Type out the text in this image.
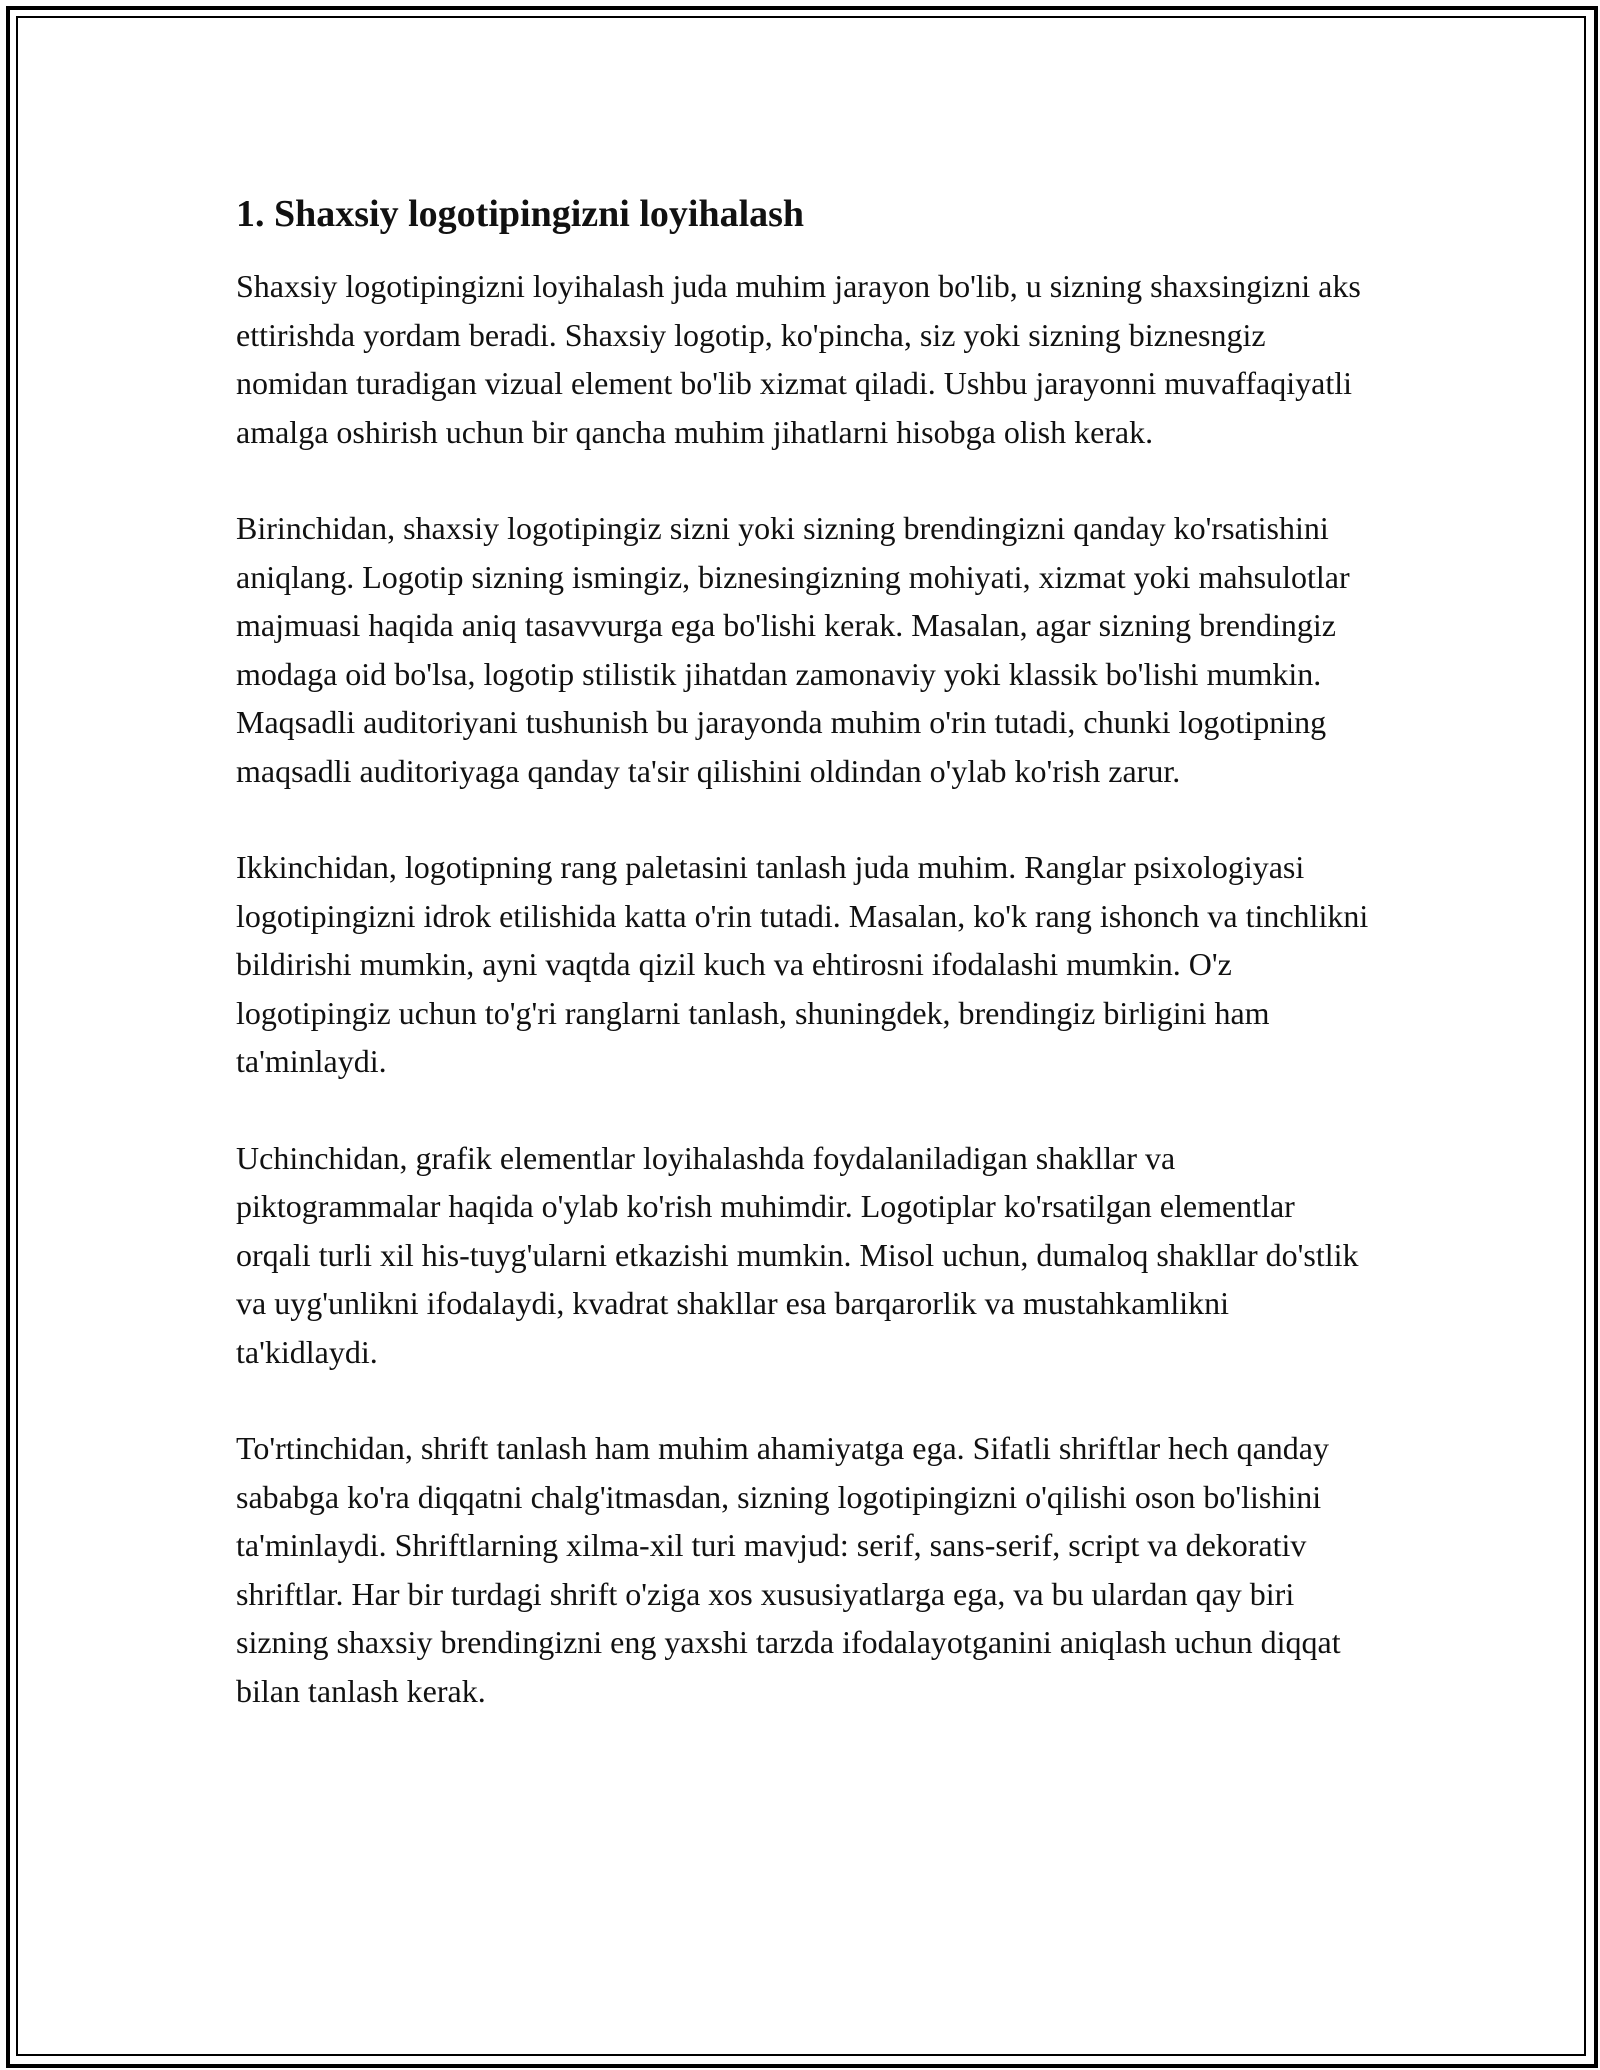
1. Shaxsiy logotipingizni loyihalash

Shaxsiy logotipingizni loyihalash juda muhim jarayon bo'lib, u sizning shaxsingizni aks ettirishda yordam beradi. Shaxsiy logotip, ko'pincha, siz yoki sizning biznesngiz nomidan turadigan vizual element bo'lib xizmat qiladi. Ushbu jarayonni muvaffaqiyatli amalga oshirish uchun bir qancha muhim jihatlarni hisobga olish kerak.

Birinchidan, shaxsiy logotipingiz sizni yoki sizning brendingizni qanday ko'rsatishini aniqlang. Logotip sizning ismingiz, biznesingizning mohiyati, xizmat yoki mahsulotlar majmuasi haqida aniq tasavvurga ega bo'lishi kerak. Masalan, agar sizning brendingiz modaga oid bo'lsa, logotip stilistik jihatdan zamonaviy yoki klassik bo'lishi mumkin. Maqsadli auditoriyani tushunish bu jarayonda muhim o'rin tutadi, chunki logotipning maqsadli auditoriyaga qanday ta'sir qilishini oldindan o'ylab ko'rish zarur.

Ikkinchidan, logotipning rang paletasini tanlash juda muhim. Ranglar psixologiyasi logotipingizni idrok etilishida katta o'rin tutadi. Masalan, ko'k rang ishonch va tinchlikni bildirishi mumkin, ayni vaqtda qizil kuch va ehtirosni ifodalashi mumkin. O'z logotipingiz uchun to'g'ri ranglarni tanlash, shuningdek, brendingiz birligini ham ta'minlaydi.

Uchinchidan, grafik elementlar loyihalashda foydalaniladigan shakllar va piktogrammalar haqida o'ylab ko'rish muhimdir. Logotiplar ko'rsatilgan elementlar orqali turli xil his-tuyg'ularni etkazishi mumkin. Misol uchun, dumaloq shakllar do'stlik va uyg'unlikni ifodalaydi, kvadrat shakllar esa barqarorlik va mustahkamlikni ta'kidlaydi.

To'rtinchidan, shrift tanlash ham muhim ahamiyatga ega. Sifatli shriftlar hech qanday sababga ko'ra diqqatni chalg'itmasdan, sizning logotipingizni o'qilishi oson bo'lishini ta'minlaydi. Shriftlarning xilma-xil turi mavjud: serif, sans-serif, script va dekorativ shriftlar. Har bir turdagi shrift o'ziga xos xususiyatlarga ega, va bu ulardan qay biri sizning shaxsiy brendingizni eng yaxshi tarzda ifodalayotganini aniqlash uchun diqqat bilan tanlash kerak.
